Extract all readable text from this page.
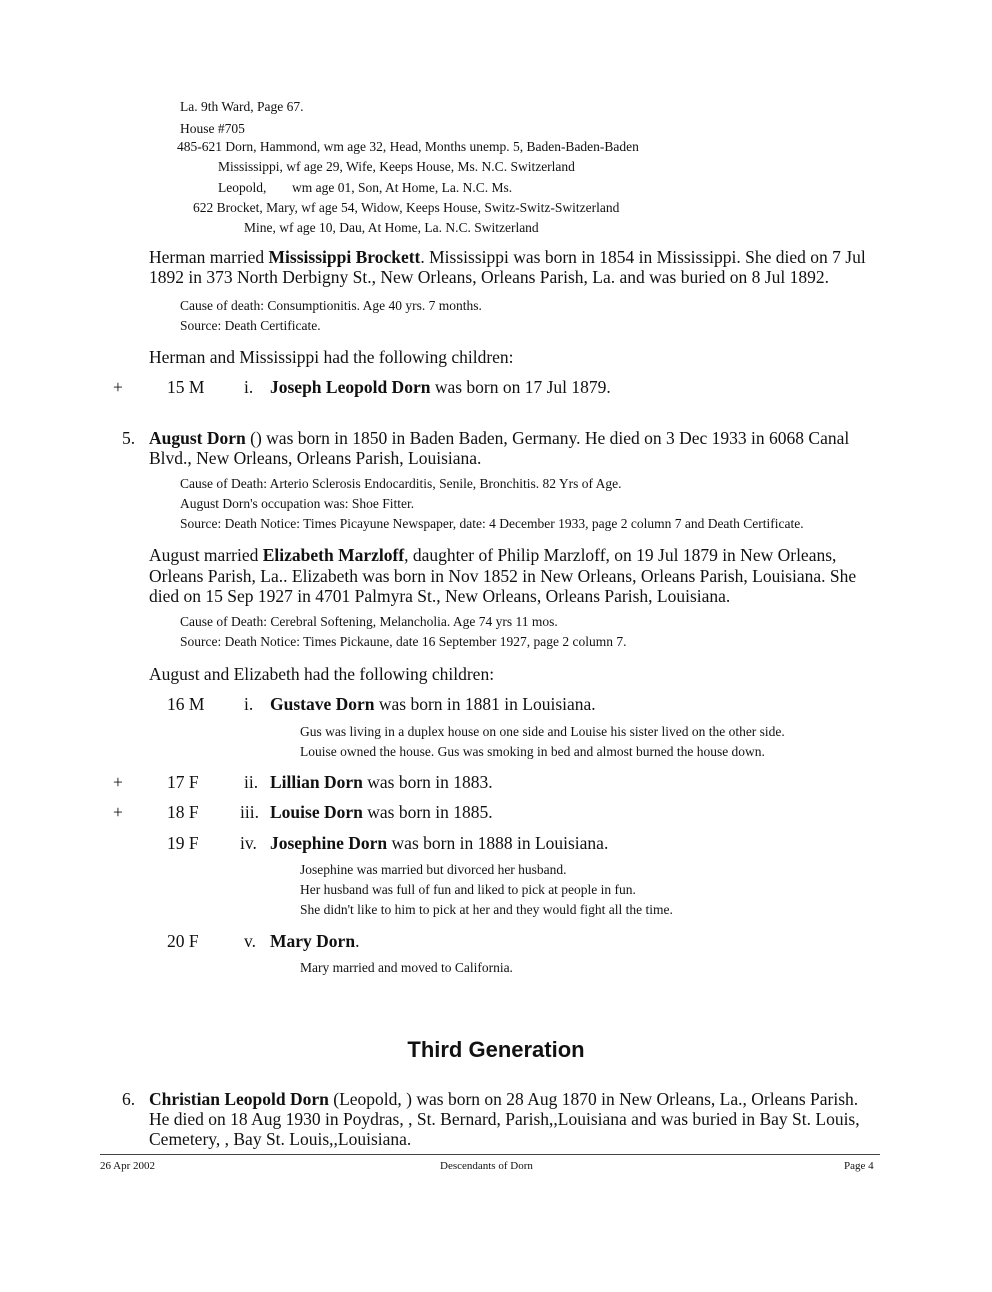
La. 9th Ward, Page 67.
House #705
485-621 Dorn, Hammond, wm age 32, Head, Months unemp. 5, Baden-Baden-Baden
Mississippi, wf age 29, Wife, Keeps House, Ms. N.C. Switzerland
Leopold, wm age 01, Son, At Home, La. N.C. Ms.
622 Brocket, Mary, wf age 54, Widow, Keeps House, Switz-Switz-Switzerland
Mine, wf age 10, Dau, At Home, La. N.C. Switzerland
Herman married Mississippi Brockett. Mississippi was born in 1854 in Mississippi. She died on 7 Jul
1892 in 373 North Derbigny St., New Orleans, Orleans Parish, La. and was buried on 8 Jul 1892.
Cause of death: Consumptionitis. Age 40 yrs. 7 months.
Source: Death Certificate.
Herman and Mississippi had the following children:
+	15 M i. Joseph Leopold Dorn was born on 17 Jul 1879.
5. August Dorn () was born in 1850 in Baden Baden, Germany. He died on 3 Dec 1933 in 6068 Canal
Blvd., New Orleans, Orleans Parish, Louisiana.
Cause of Death: Arterio Sclerosis Endocarditis, Senile, Bronchitis. 82 Yrs of Age.
August Dorn's occupation was: Shoe Fitter.
Source: Death Notice: Times Picayune Newspaper, date: 4 December 1933, page 2 column 7 and Death Certificate.
August married Elizabeth Marzloff, daughter of Philip Marzloff, on 19 Jul 1879 in New Orleans,
Orleans Parish, La.. Elizabeth was born in Nov 1852 in New Orleans, Orleans Parish, Louisiana. She
died on 15 Sep 1927 in 4701 Palmyra St., New Orleans, Orleans Parish, Louisiana.
Cause of Death: Cerebral Softening, Melancholia. Age 74 yrs 11 mos.
Source: Death Notice: Times Pickaune, date 16 September 1927, page 2 column 7.
August and Elizabeth had the following children:
16 M i. Gustave Dorn was born in 1881 in Louisiana.
Gus was living in a duplex house on one side and Louise his sister lived on the other side.
Louise owned the house. Gus was smoking in bed and almost burned the house down.
+	17 F	ii. Lillian Dorn was born in 1883.
+	18 F iii. Louise Dorn was born in 1885.
19 F iv. Josephine Dorn was born in 1888 in Louisiana.
Josephine was married but divorced her husband.
Her husband was full of fun and liked to pick at people in fun.
She didn't like to him to pick at her and they would fight all the time.
20 F	v. Mary Dorn.
Mary married and moved to California.
Third Generation
6. Christian Leopold Dorn (Leopold, ) was born on 28 Aug 1870 in New Orleans, La., Orleans Parish.
He died on 18 Aug 1930 in Poydras, , St. Bernard, Parish,,Louisiana and was buried in Bay St. Louis,
Cemetery, , Bay St. Louis,,Louisiana.
26 Apr 2002	Descendants of Dorn	Page 4
